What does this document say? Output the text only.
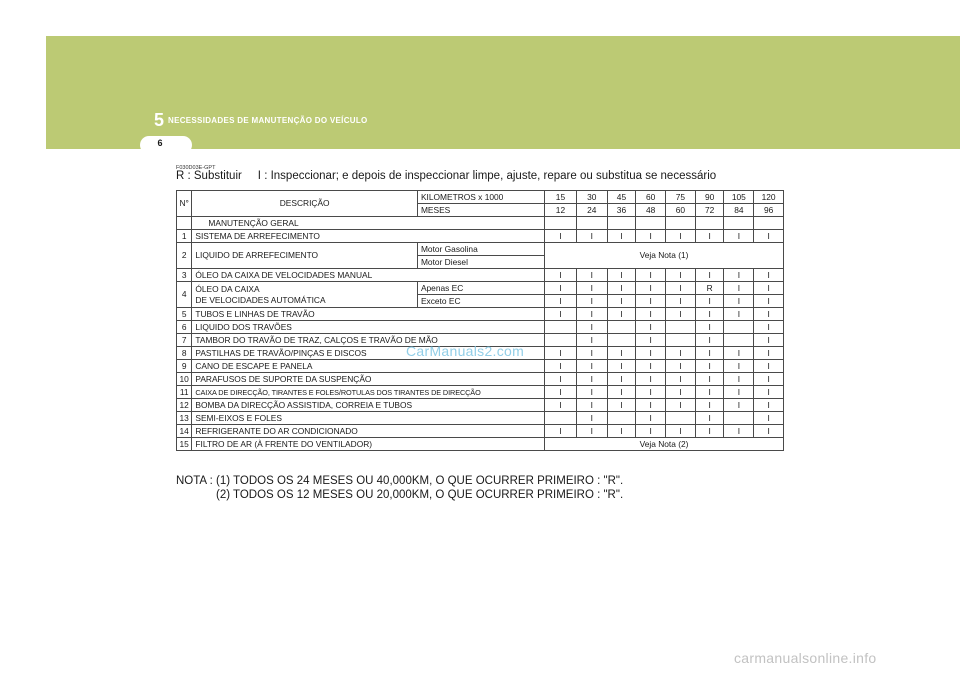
5 NECESSIDADES DE MANUTENÇÃO DO VEÍCULO
6
F030D03E-GPT
R : Substituir     I : Inspeccionar; e depois de inspeccionar limpe, ajuste, repare ou substitua se necessário
N°	DESCRIÇÃO	KILOMETROS x 1000	15	30	45	60	75	90	105	120
		MESES	12	24	36	48	60	72	84	96
	MANUTENÇÃO GERAL									
1	SISTEMA DE ARREFECIMENTO		I	I	I	I	I	I	I	I
2	LIQUIDO DE ARREFECIMENTO	Motor Gasolina	Veja Nota (1)							
		Motor Diesel								
3	ÓLEO DA CAIXA DE VELOCIDADES MANUAL		I	I	I	I	I	I	I	I
4	ÓLEO DA CAIXA
DE VELOCIDADES AUTOMÁTICA	Apenas EC	I	I	I	I	I	R	I	I
		Exceto EC	I	I	I	I	I	I	I	I
5	TUBOS E LINHAS DE TRAVÃO		I	I	I	I	I	I	I	I
6	LIQUIDO DOS TRAVÕES			I		I		I		I
7	TAMBOR DO TRAVÃO DE TRAZ, CALÇOS E TRAVÃO DE MÃO			I		I		I		I
8	PASTILHAS DE TRAVÃO/PINÇAS E DISCOS		I	I	I	I	I	I	I	I
9	CANO DE ESCAPE E PANELA		I	I	I	I	I	I	I	I
10	PARAFUSOS DE SUPORTE DA SUSPENÇÃO		I	I	I	I	I	I	I	I
11	CAIXA DE DIRECÇÃO, TIRANTES E FOLES/ROTULAS DOS TIRANTES DE DIRECÇÃO		I	I	I	I	I	I	I	I
12	BOMBA DA DIRECÇÃO ASSISTIDA, CORREIA E TUBOS		I	I	I	I	I	I	I	I
13	SEMI-EIXOS E FOLES			I		I		I		I
14	REFRIGERANTE DO AR CONDICIONADO		I	I	I	I	I	I	I	I
15	FILTRO DE AR (À FRENTE DO VENTILADOR)		Veja Nota (2)							
NOTA : (1) TODOS OS 24 MESES OU 40,000KM, O QUE OCURRER PRIMEIRO : "R".
(2) TODOS OS 12 MESES OU 20,000KM, O QUE OCURRER PRIMEIRO : "R".
CarManuals2.com
carmanualsonline.info
